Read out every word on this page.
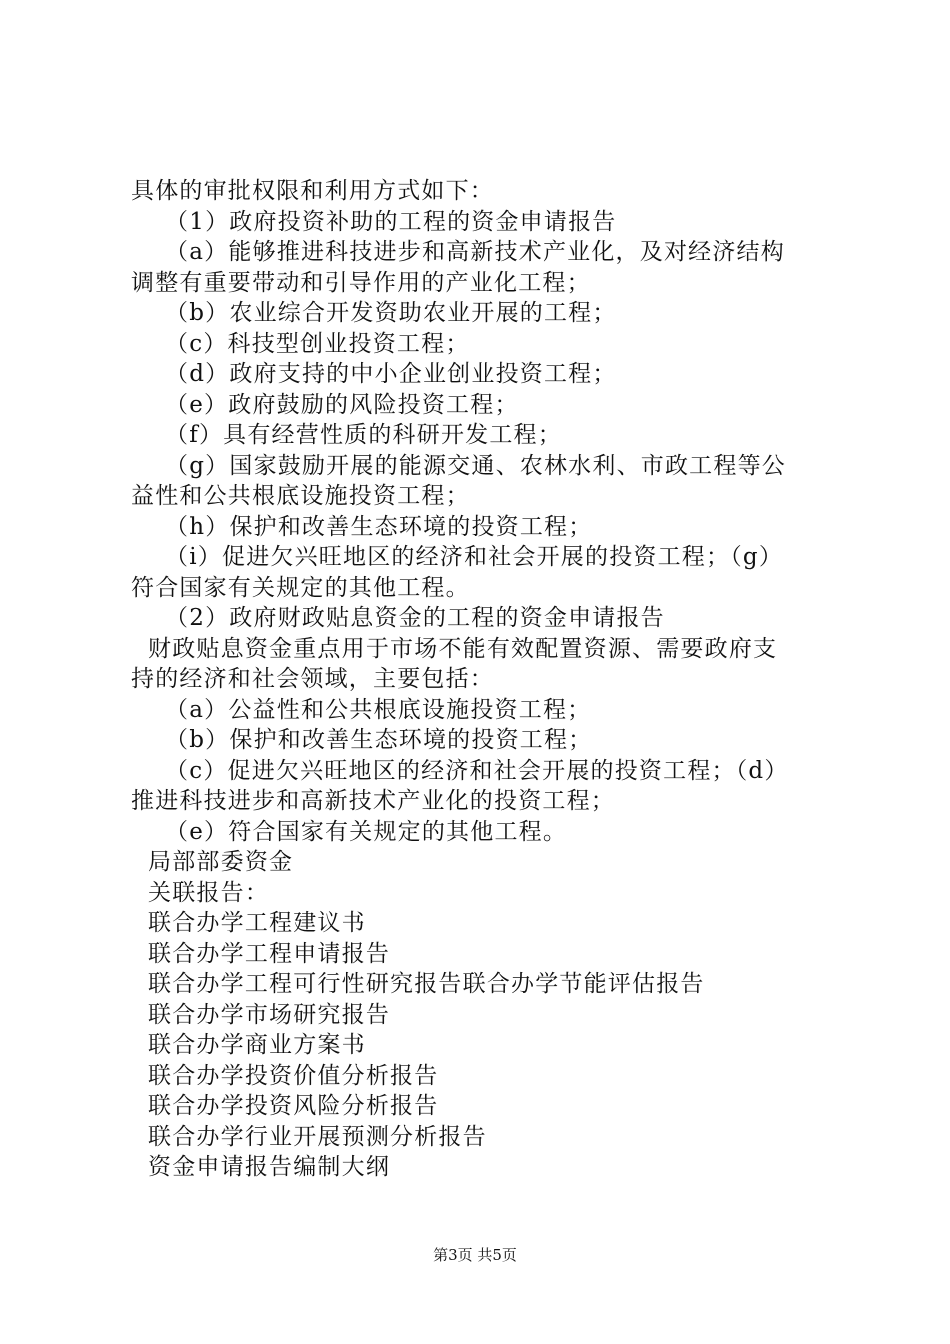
具体的审批权限和利用方式如下：
（1）政府投资补助的工程的资金申请报告
（a）能够推进科技进步和高新技术产业化，及对经济结构
调整有重要带动和引导作用的产业化工程；
（b）农业综合开发资助农业开展的工程；
（c）科技型创业投资工程；
（d）政府支持的中小企业创业投资工程；
（e）政府鼓励的风险投资工程；
（f）具有经营性质的科研开发工程；
（g）国家鼓励开展的能源交通、农林水利、市政工程等公
益性和公共根底设施投资工程；
（h）保护和改善生态环境的投资工程；
（i）促进欠兴旺地区的经济和社会开展的投资工程；（g）
符合国家有关规定的其他工程。
（2）政府财政贴息资金的工程的资金申请报告
财政贴息资金重点用于市场不能有效配置资源、需要政府支
持的经济和社会领域，主要包括：
（a）公益性和公共根底设施投资工程；
（b）保护和改善生态环境的投资工程；
（c）促进欠兴旺地区的经济和社会开展的投资工程；（d）
推进科技进步和高新技术产业化的投资工程；
（e）符合国家有关规定的其他工程。
局部部委资金
关联报告：
联合办学工程建议书
联合办学工程申请报告
联合办学工程可行性研究报告联合办学节能评估报告
联合办学市场研究报告
联合办学商业方案书
联合办学投资价值分析报告
联合办学投资风险分析报告
联合办学行业开展预测分析报告
资金申请报告编制大纲
第3页 共5页
